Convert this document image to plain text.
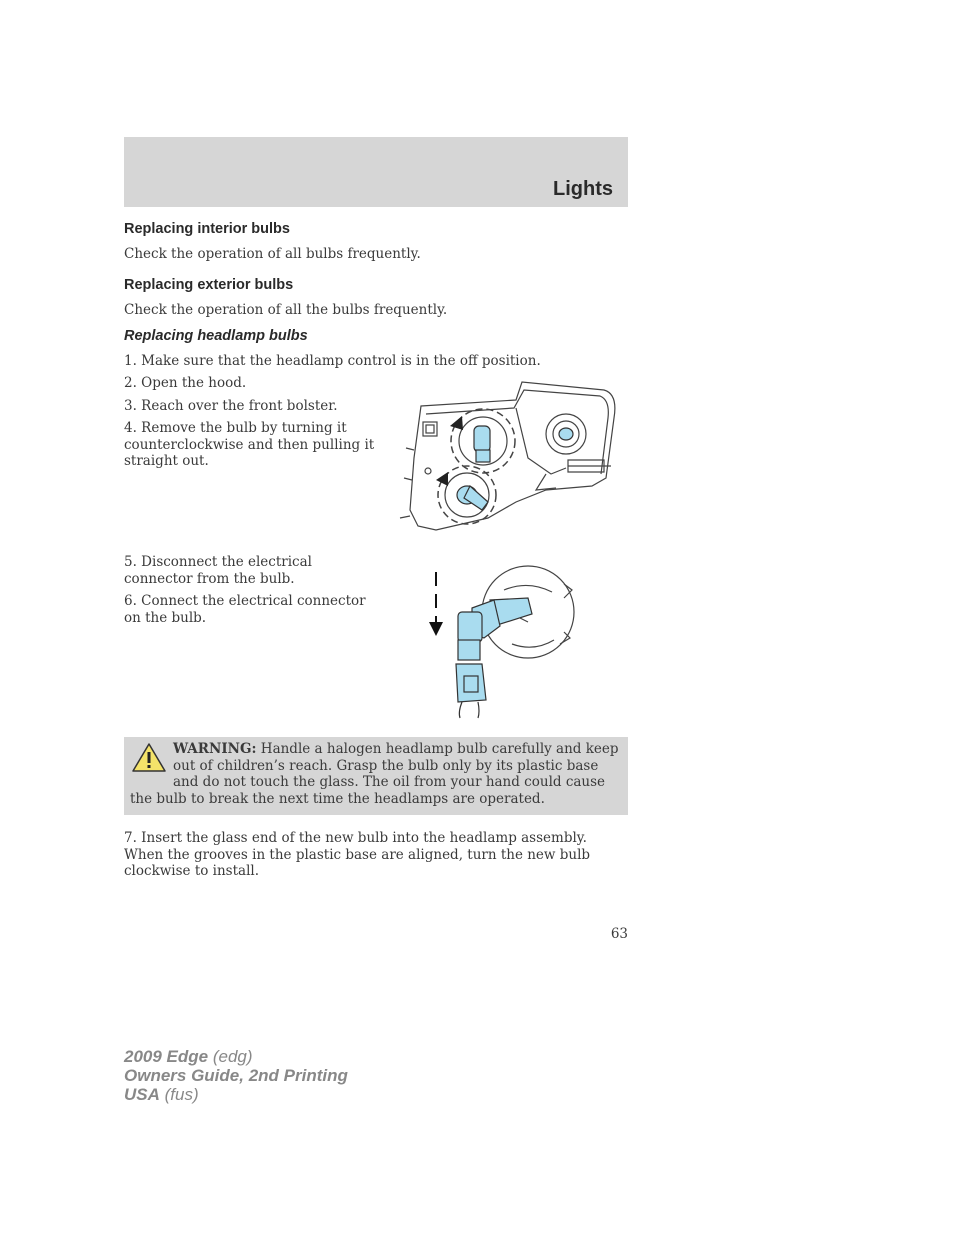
Lights
Replacing interior bulbs
Check the operation of all bulbs frequently.
Replacing exterior bulbs
Check the operation of all the bulbs frequently.
Replacing headlamp bulbs
1. Make sure that the headlamp control is in the off position.
2. Open the hood.
3. Reach over the front bolster.
4. Remove the bulb by turning it counterclockwise and then pulling it straight out.
5. Disconnect the electrical connector from the bulb.
6. Connect the electrical connector on the bulb.
WARNING: Handle a halogen headlamp bulb carefully and keep out of children’s reach. Grasp the bulb only by its plastic base and do not touch the glass. The oil from your hand could cause the bulb to break the next time the headlamps are operated.
7. Insert the glass end of the new bulb into the headlamp assembly. When the grooves in the plastic base are aligned, turn the new bulb clockwise to install.
63
2009 Edge (edg)
Owners Guide, 2nd Printing
USA (fus)
